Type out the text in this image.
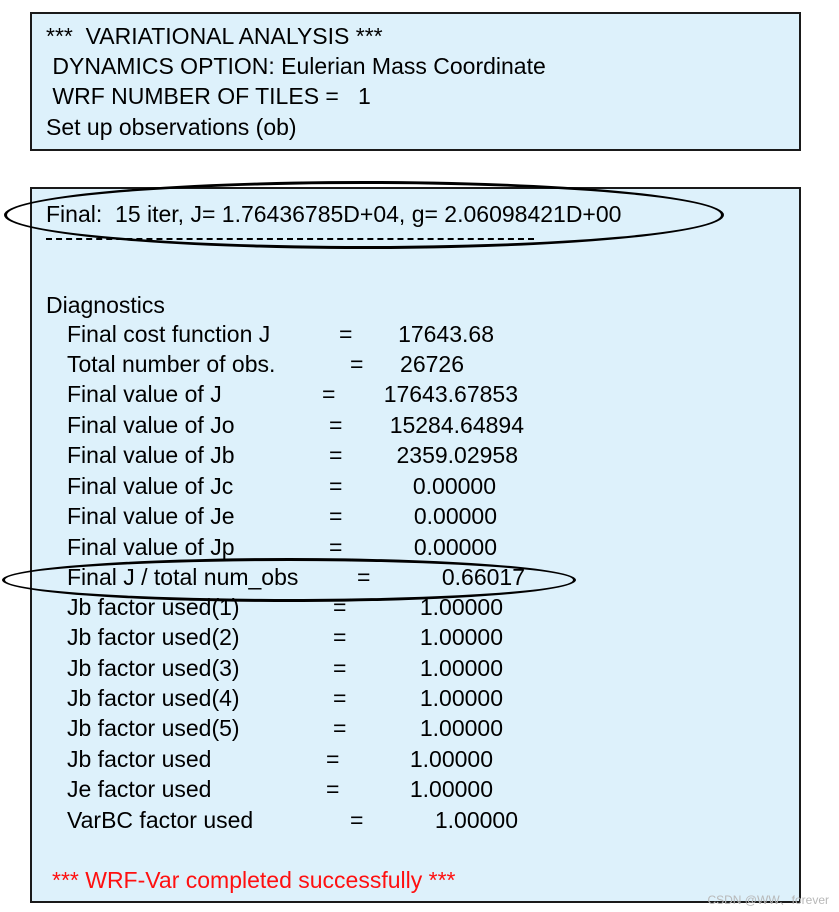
***  VARIATIONAL ANALYSIS ***
DYNAMICS OPTION: Eulerian Mass Coordinate
WRF NUMBER OF TILES =   1
Set up observations (ob)
Final:  15 iter, J= 1.76436785D+04, g= 2.06098421D+00
Diagnostics
Final cost function J	= 17643.68
Total number of obs.	= 26726
Final value of J	= 17643.67853
Final value of Jo	= 15284.64894
Final value of Jb	= 2359.02958
Final value of Jc	=	0.00000
Final value of Je	=	0.00000
Final value of Jp	=	0.00000
Final J / total num_obs	=	0.66017
Jb factor used(1)	=	1.00000
Jb factor used(2)	=	1.00000
Jb factor used(3)	=	1.00000
Jb factor used(4)	=	1.00000
Jb factor used(5)	=	1.00000
Jb factor used	=	1.00000
Je factor used	=	1.00000
VarBC factor used	=	1.00000
*** WRF-Var completed successfully ***
CSDN @WW、forever
